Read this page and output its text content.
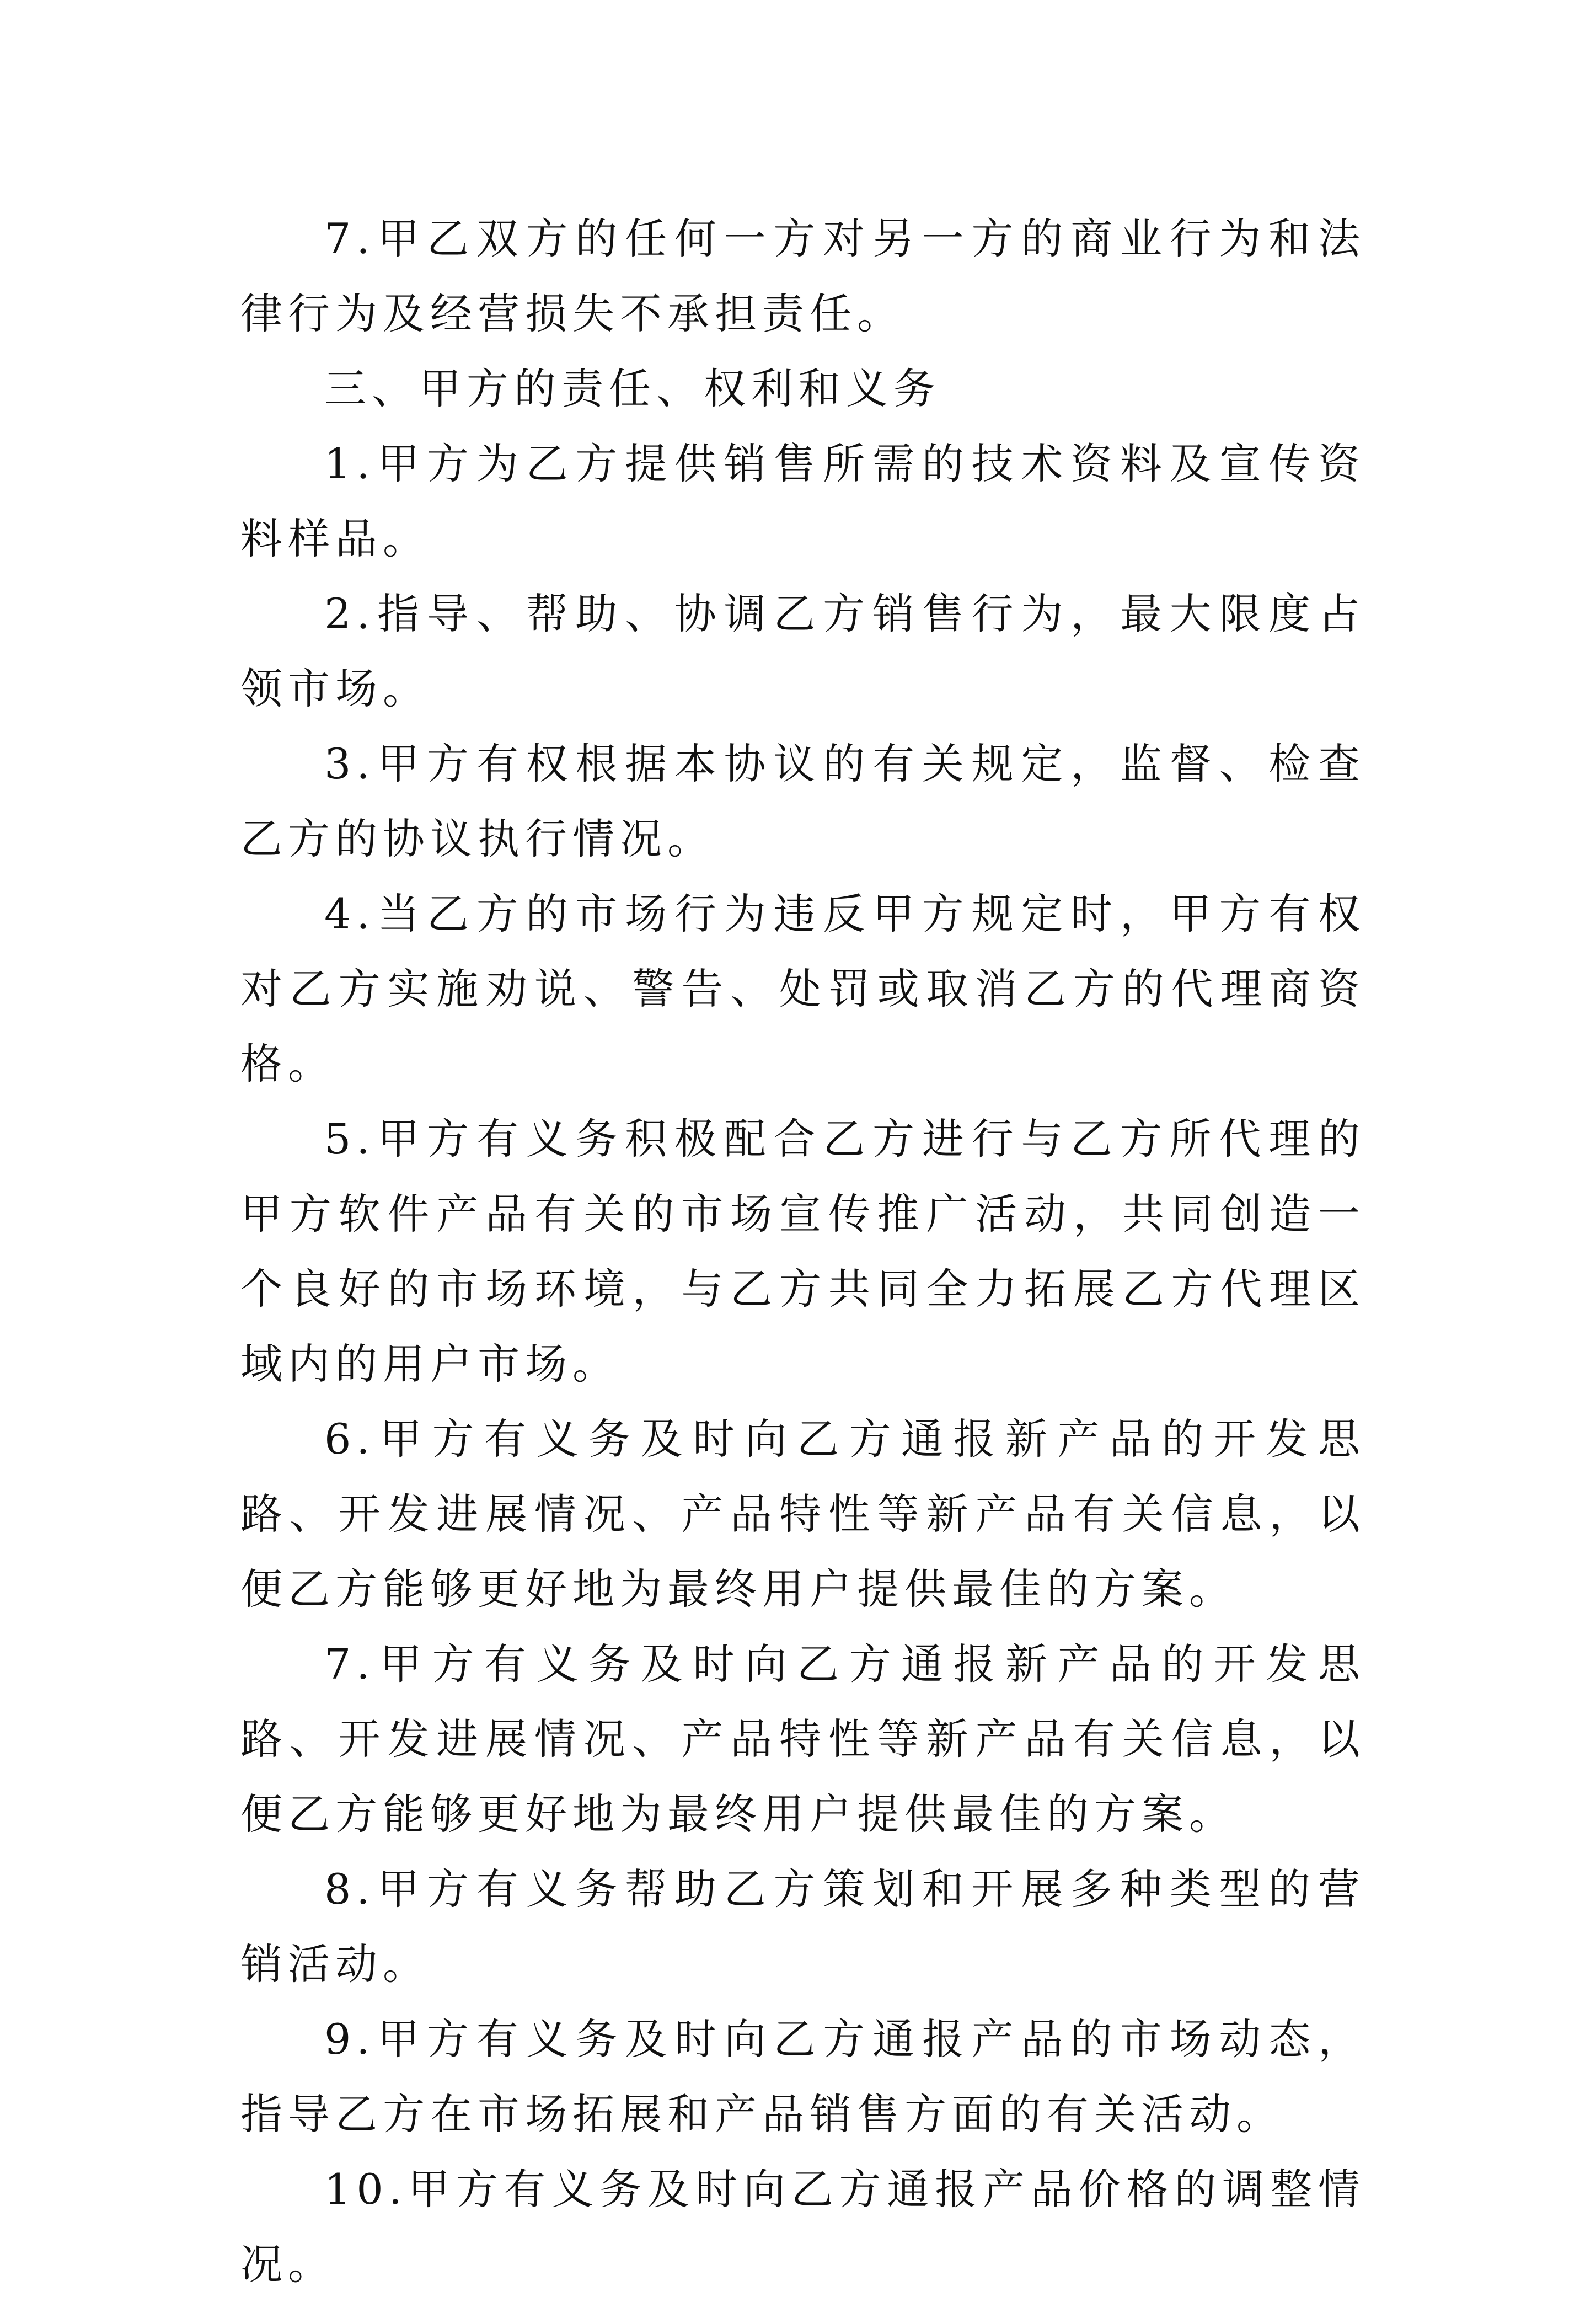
7.甲乙双方的任何一方对另一方的商业行为和法律行为及经营损失不承担责任。

三、甲方的责任、权利和义务

1.甲方为乙方提供销售所需的技术资料及宣传资料样品。

2.指导、帮助、协调乙方销售行为，最大限度占领市场。

3.甲方有权根据本协议的有关规定，监督、检查乙方的协议执行情况。

4.当乙方的市场行为违反甲方规定时，甲方有权对乙方实施劝说、警告、处罚或取消乙方的代理商资格。

5.甲方有义务积极配合乙方进行与乙方所代理的甲方软件产品有关的市场宣传推广活动，共同创造一个良好的市场环境，与乙方共同全力拓展乙方代理区域内的用户市场。

6.甲方有义务及时向乙方通报新产品的开发思路、开发进展情况、产品特性等新产品有关信息，以便乙方能够更好地为最终用户提供最佳的方案。

7.甲方有义务及时向乙方通报新产品的开发思路、开发进展情况、产品特性等新产品有关信息，以便乙方能够更好地为最终用户提供最佳的方案。

8.甲方有义务帮助乙方策划和开展多种类型的营销活动。

9.甲方有义务及时向乙方通报产品的市场动态，指导乙方在市场拓展和产品销售方面的有关活动。

10.甲方有义务及时向乙方通报产品价格的调整情况。
